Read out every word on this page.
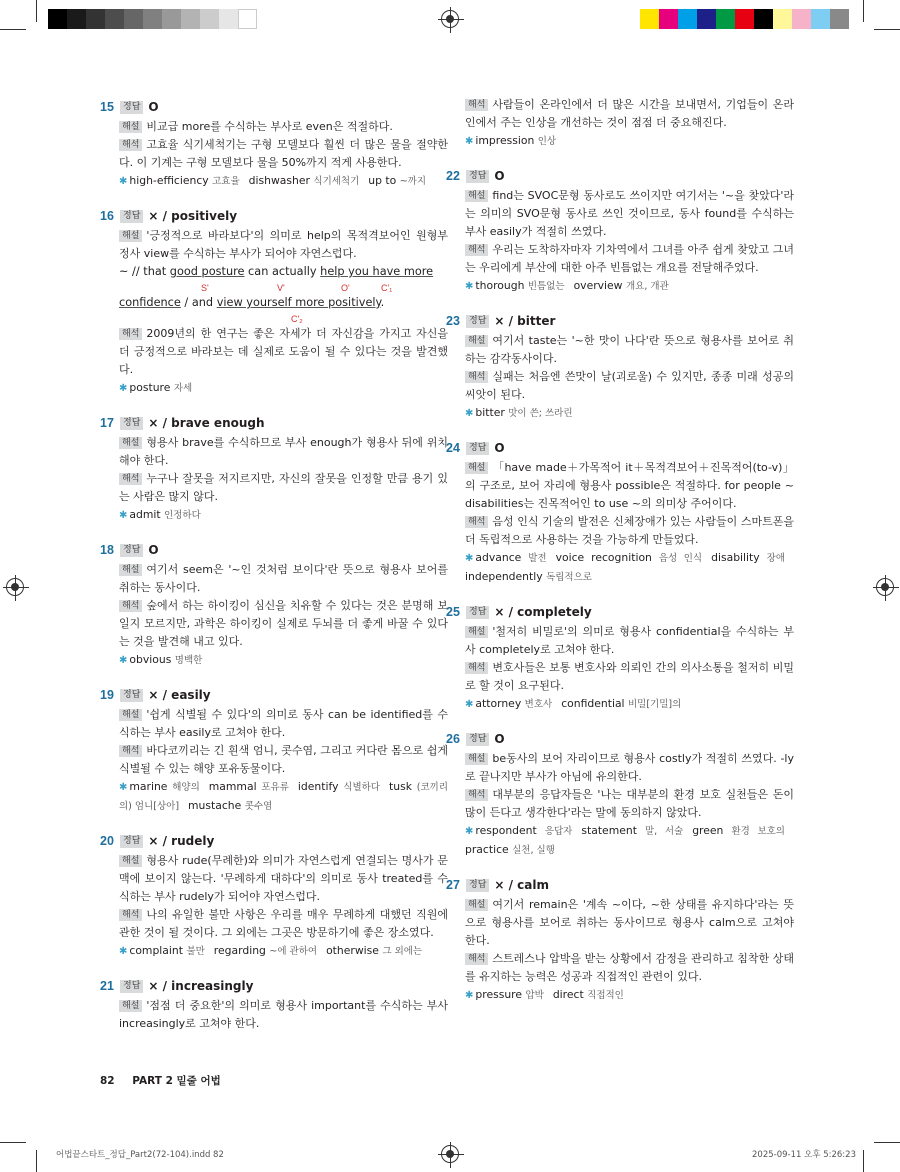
15	정답 O

해설 비교급 more를 수식하는 부사로 even은 적절하다.

해석 고효율 식기세척기는 구형 모델보다 훨씬 더 많은 물을 절약한다. 이 기계는 구형 모델보다 물을 50%까지 적게 사용한다.

✱ high-efficiency 고효율 dishwasher 식기세척기 up to ~까지
16	정답 × / positively

해설 '긍정적으로 바라보다'의 의미로 help의 목적격보어인 원형부정사 view를 수식하는 부사가 되어야 자연스럽다.

~ // that good posture can actually help you have more
S'	V'	O'	C'₁
confidence / and view yourself more positively.
C'₂

해석 2009년의 한 연구는 좋은 자세가 더 자신감을 가지고 자신을 더 긍정적으로 바라보는 데 실제로 도움이 될 수 있다는 것을 발견했다.

✱ posture 자세
17	정답 × / brave enough

해설 형용사 brave를 수식하므로 부사 enough가 형용사 뒤에 위치해야 한다.

해석 누구나 잘못을 저지르지만, 자신의 잘못을 인정할 만큼 용기 있는 사람은 많지 않다.

✱ admit 인정하다
18	정답 O

해설 여기서 seem은 '~인 것처럼 보이다'란 뜻으로 형용사 보어를 취하는 동사이다.

해석 숲에서 하는 하이킹이 심신을 치유할 수 있다는 것은 분명해 보일지 모르지만, 과학은 하이킹이 실제로 두뇌를 더 좋게 바꿀 수 있다는 것을 발견해 내고 있다.

✱ obvious 명백한
19	정답 × / easily

해설 '쉽게 식별될 수 있다'의 의미로 동사 can be identified를 수식하는 부사 easily로 고쳐야 한다.

해석 바다코끼리는 긴 흰색 엄니, 콧수염, 그리고 커다란 몸으로 쉽게 식별될 수 있는 해양 포유동물이다.

✱ marine 해양의 mammal 포유류 identify 식별하다 tusk (코끼리의) 엄니[상아] mustache 콧수염
20	정답 × / rudely

해설 형용사 rude(무례한)와 의미가 자연스럽게 연결되는 명사가 문맥에 보이지 않는다. '무례하게 대하다'의 의미로 동사 treated를 수식하는 부사 rudely가 되어야 자연스럽다.

해석 나의 유일한 불만 사항은 우리를 매우 무례하게 대했던 직원에 관한 것이 될 것이다. 그 외에는 그곳은 방문하기에 좋은 장소였다.

✱ complaint 불만 regarding ~에 관하여 otherwise 그 외에는
21	정답 × / increasingly

해설 '점점 더 중요한'의 의미로 형용사 important를 수식하는 부사 increasingly로 고쳐야 한다.

해석 사람들이 온라인에서 더 많은 시간을 보내면서, 기업들이 온라인에서 주는 인상을 개선하는 것이 점점 더 중요해진다.

✱ impression 인상
22	정답 O

해설 find는 SVOC문형 동사로도 쓰이지만 여기서는 '~을 찾았다'라는 의미의 SVO문형 동사로 쓰인 것이므로, 동사 found를 수식하는 부사 easily가 적절히 쓰였다.

해석 우리는 도착하자마자 기차역에서 그녀를 아주 쉽게 찾았고 그녀는 우리에게 부산에 대한 아주 빈틈없는 개요를 전달해주었다.

✱ thorough 빈틈없는 overview 개요, 개관
23	정답 × / bitter

해설 여기서 taste는 '~한 맛이 나다'란 뜻으로 형용사를 보어로 취하는 감각동사이다.

해석 실패는 처음엔 쓴맛이 날(괴로울) 수 있지만, 종종 미래 성공의 씨앗이 된다.

✱ bitter 맛이 쓴; 쓰라린
24	정답 O

해설 「have made＋가목적어 it＋목적격보어＋진목적어(to-v)」의 구조로, 보어 자리에 형용사 possible은 적절하다. for people ~ disabilities는 진목적어인 to use ~의 의미상 주어이다.

해석 음성 인식 기술의 발전은 신체장애가 있는 사람들이 스마트폰을 더 독립적으로 사용하는 것을 가능하게 만들었다.

✱ advance 발전 voice recognition 음성 인식 disability 장애independently 독립적으로
25	정답 × / completely

해설 '철저히 비밀로'의 의미로 형용사 confidential을 수식하는 부사 completely로 고쳐야 한다.

해석 변호사들은 보통 변호사와 의뢰인 간의 의사소통을 철저히 비밀로 할 것이 요구된다.

✱ attorney 변호사 confidential 비밀[기밀]의
26	정답 O

해설 be동사의 보어 자리이므로 형용사 costly가 적절히 쓰였다. -ly로 끝나지만 부사가 아님에 유의한다.

해석 대부분의 응답자들은 '나는 대부분의 환경 보호 실천들은 돈이 많이 든다고 생각한다'라는 말에 동의하지 않았다.

✱ respondent 응답자 statement 말, 서술 green 환경 보호의practice 실천, 실행
27	정답 × / calm

해설 여기서 remain은 '계속 ~이다, ~한 상태를 유지하다'라는 뜻으로 형용사를 보어로 취하는 동사이므로 형용사 calm으로 고쳐야 한다.

해석 스트레스나 압박을 받는 상황에서 감정을 관리하고 침착한 상태를 유지하는 능력은 성공과 직접적인 관련이 있다.

✱ pressure 압박 direct 직접적인
82 PART 2 밑줄 어법
어법끝스타트_정답_Part2(72-104).indd 82	2025-09-11 오후 5:26:23
